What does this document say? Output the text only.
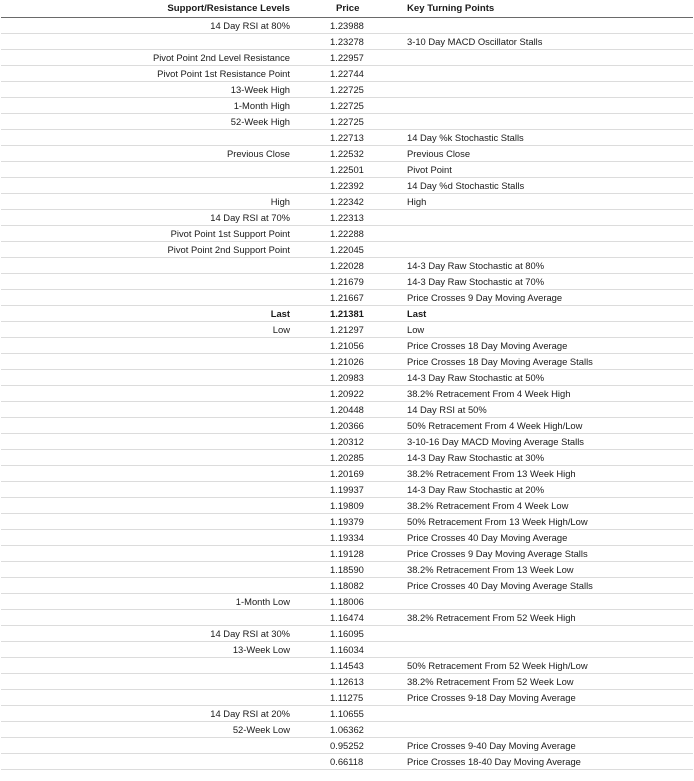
Support/Resistance Levels	Price	Key Turning Points
14 Day RSI at 80%	1.23988	
	1.23278	3-10 Day MACD Oscillator Stalls
Pivot Point 2nd Level Resistance	1.22957	
Pivot Point 1st Resistance Point	1.22744	
13-Week High	1.22725	
1-Month High	1.22725	
52-Week High	1.22725	
	1.22713	14 Day %k Stochastic Stalls
Previous Close	1.22532	Previous Close
	1.22501	Pivot Point
	1.22392	14 Day %d Stochastic Stalls
High	1.22342	High
14 Day RSI at 70%	1.22313	
Pivot Point 1st Support Point	1.22288	
Pivot Point 2nd Support Point	1.22045	
	1.22028	14-3 Day Raw Stochastic at 80%
	1.21679	14-3 Day Raw Stochastic at 70%
	1.21667	Price Crosses 9 Day Moving Average
Last	1.21381	Last
Low	1.21297	Low
	1.21056	Price Crosses 18 Day Moving Average
	1.21026	Price Crosses 18 Day Moving Average Stalls
	1.20983	14-3 Day Raw Stochastic at 50%
	1.20922	38.2% Retracement From 4 Week High
	1.20448	14 Day RSI at 50%
	1.20366	50% Retracement From 4 Week High/Low
	1.20312	3-10-16 Day MACD Moving Average Stalls
	1.20285	14-3 Day Raw Stochastic at 30%
	1.20169	38.2% Retracement From 13 Week High
	1.19937	14-3 Day Raw Stochastic at 20%
	1.19809	38.2% Retracement From 4 Week Low
	1.19379	50% Retracement From 13 Week High/Low
	1.19334	Price Crosses 40 Day Moving Average
	1.19128	Price Crosses 9 Day Moving Average Stalls
	1.18590	38.2% Retracement From 13 Week Low
	1.18082	Price Crosses 40 Day Moving Average Stalls
1-Month Low	1.18006	
	1.16474	38.2% Retracement From 52 Week High
14 Day RSI at 30%	1.16095	
13-Week Low	1.16034	
	1.14543	50% Retracement From 52 Week High/Low
	1.12613	38.2% Retracement From 52 Week Low
	1.11275	Price Crosses 9-18 Day Moving Average
14 Day RSI at 20%	1.10655	
52-Week Low	1.06362	
	0.95252	Price Crosses 9-40 Day Moving Average
	0.66118	Price Crosses 18-40 Day Moving Average
